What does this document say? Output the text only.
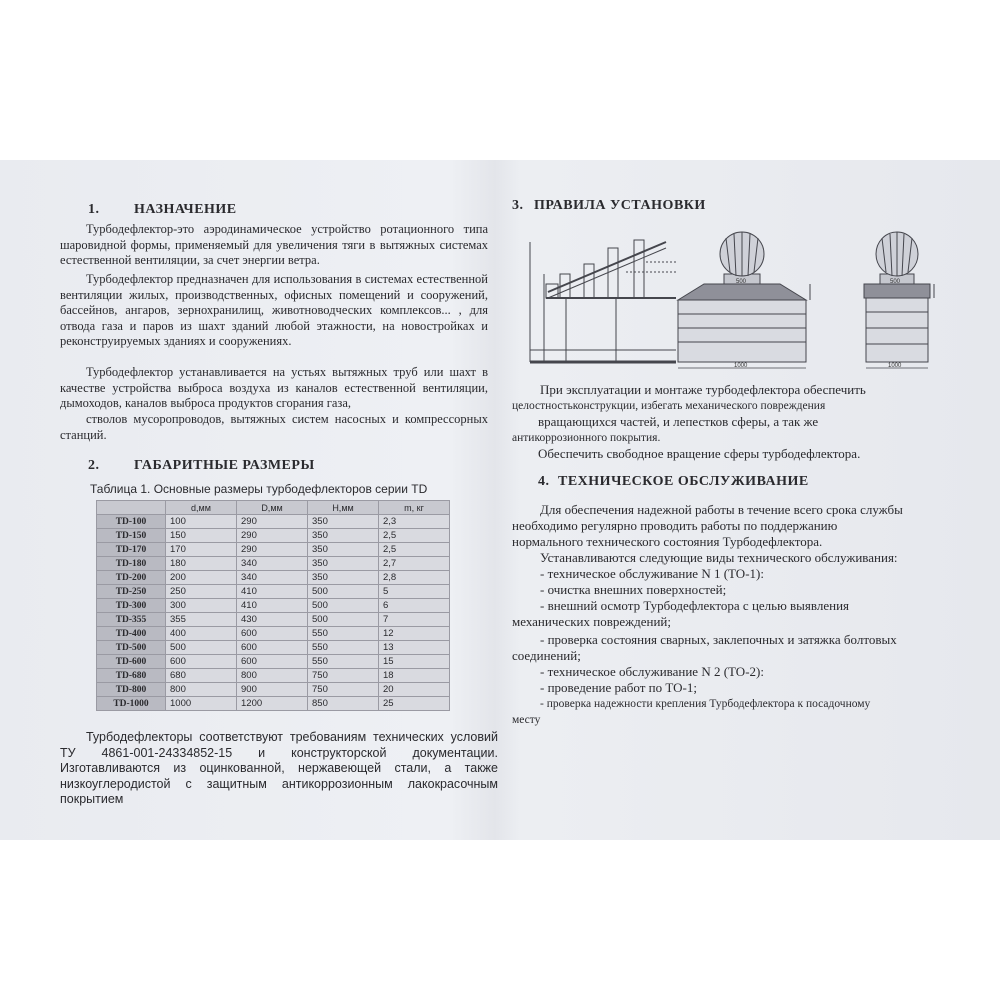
1. НАЗНАЧЕНИЕ

Турбодефлектор-это аэродинамическое устройство ротационного типа шаровидной формы, применяемый для увеличения тяги в вытяжных системах естественной вентиляции, за счет энергии ветра.

Турбодефлектор предназначен для использования в системах естественной вентиляции жилых, производственных, офисных помещений и сооружений, бассейнов, ангаров, зернохранилищ, животноводческих комплексов... , для отвода газа и паров из шахт зданий любой этажности, на новостройках и реконструируемых зданиях и сооружениях.

Турбодефлектор устанавливается на устьях вытяжных труб или шахт в качестве устройства выброса воздуха из каналов естественной вентиляции, дымоходов, каналов выброса продуктов сгорания газа,

стволов мусоропроводов, вытяжных систем насосных и компрессорных станций.

2. ГАБАРИТНЫЕ РАЗМЕРЫ
Таблица 1. Основные размеры турбодефлекторов серии TD
	d,мм	D,мм	H,мм	m, кг
TD-100	100	290	350	2,3
TD-150	150	290	350	2,5
TD-170	170	290	350	2,5
TD-180	180	340	350	2,7
TD-200	200	340	350	2,8
TD-250	250	410	500	5
TD-300	300	410	500	6
TD-355	355	430	500	7
TD-400	400	600	550	12
TD-500	500	600	550	13
TD-600	600	600	550	15
TD-680	680	800	750	18
TD-800	800	900	750	20
TD-1000	1000	1200	850	25

Турбодефлекторы соответствуют требованиям технических условий ТУ 4861-001-24334852-15 и конструкторской документации. Изготавливаются из оцинкованной, нержавеющей стали, а также низкоуглеродистой с защитным антикоррозионным лакокрасочным покрытием

3. ПРАВИЛА УСТАНОВКИ
500
1000
500
1000
При эксплуатации и монтаже турбодефлектора обеспечить
целостностьконструкции, избегать механического повреждения
вращающихся частей, и лепестков сферы, а так же
антикоррозионного покрытия.
Обеспечить свободное вращение сферы турбодефлектора.
4. ТЕХНИЧЕСКОЕ ОБСЛУЖИВАНИЕ
Для обеспечения надежной работы в течение всего срока службы
необходимо регулярно проводить работы по поддержанию
нормального технического состояния Турбодефлектора.
Устанавливаются следующие виды технического обслуживания:
- техническое обслуживание N 1 (ТО-1):
- очистка внешних поверхностей;
- внешний осмотр Турбодефлектора с целью выявления
механических повреждений;
- проверка состояния сварных, заклепочных и затяжка болтовых
соединений;
- техническое обслуживание N 2 (ТО-2):
- проведение работ по ТО-1;
- проверка надежности крепления Турбодефлектора к посадочному
месту
